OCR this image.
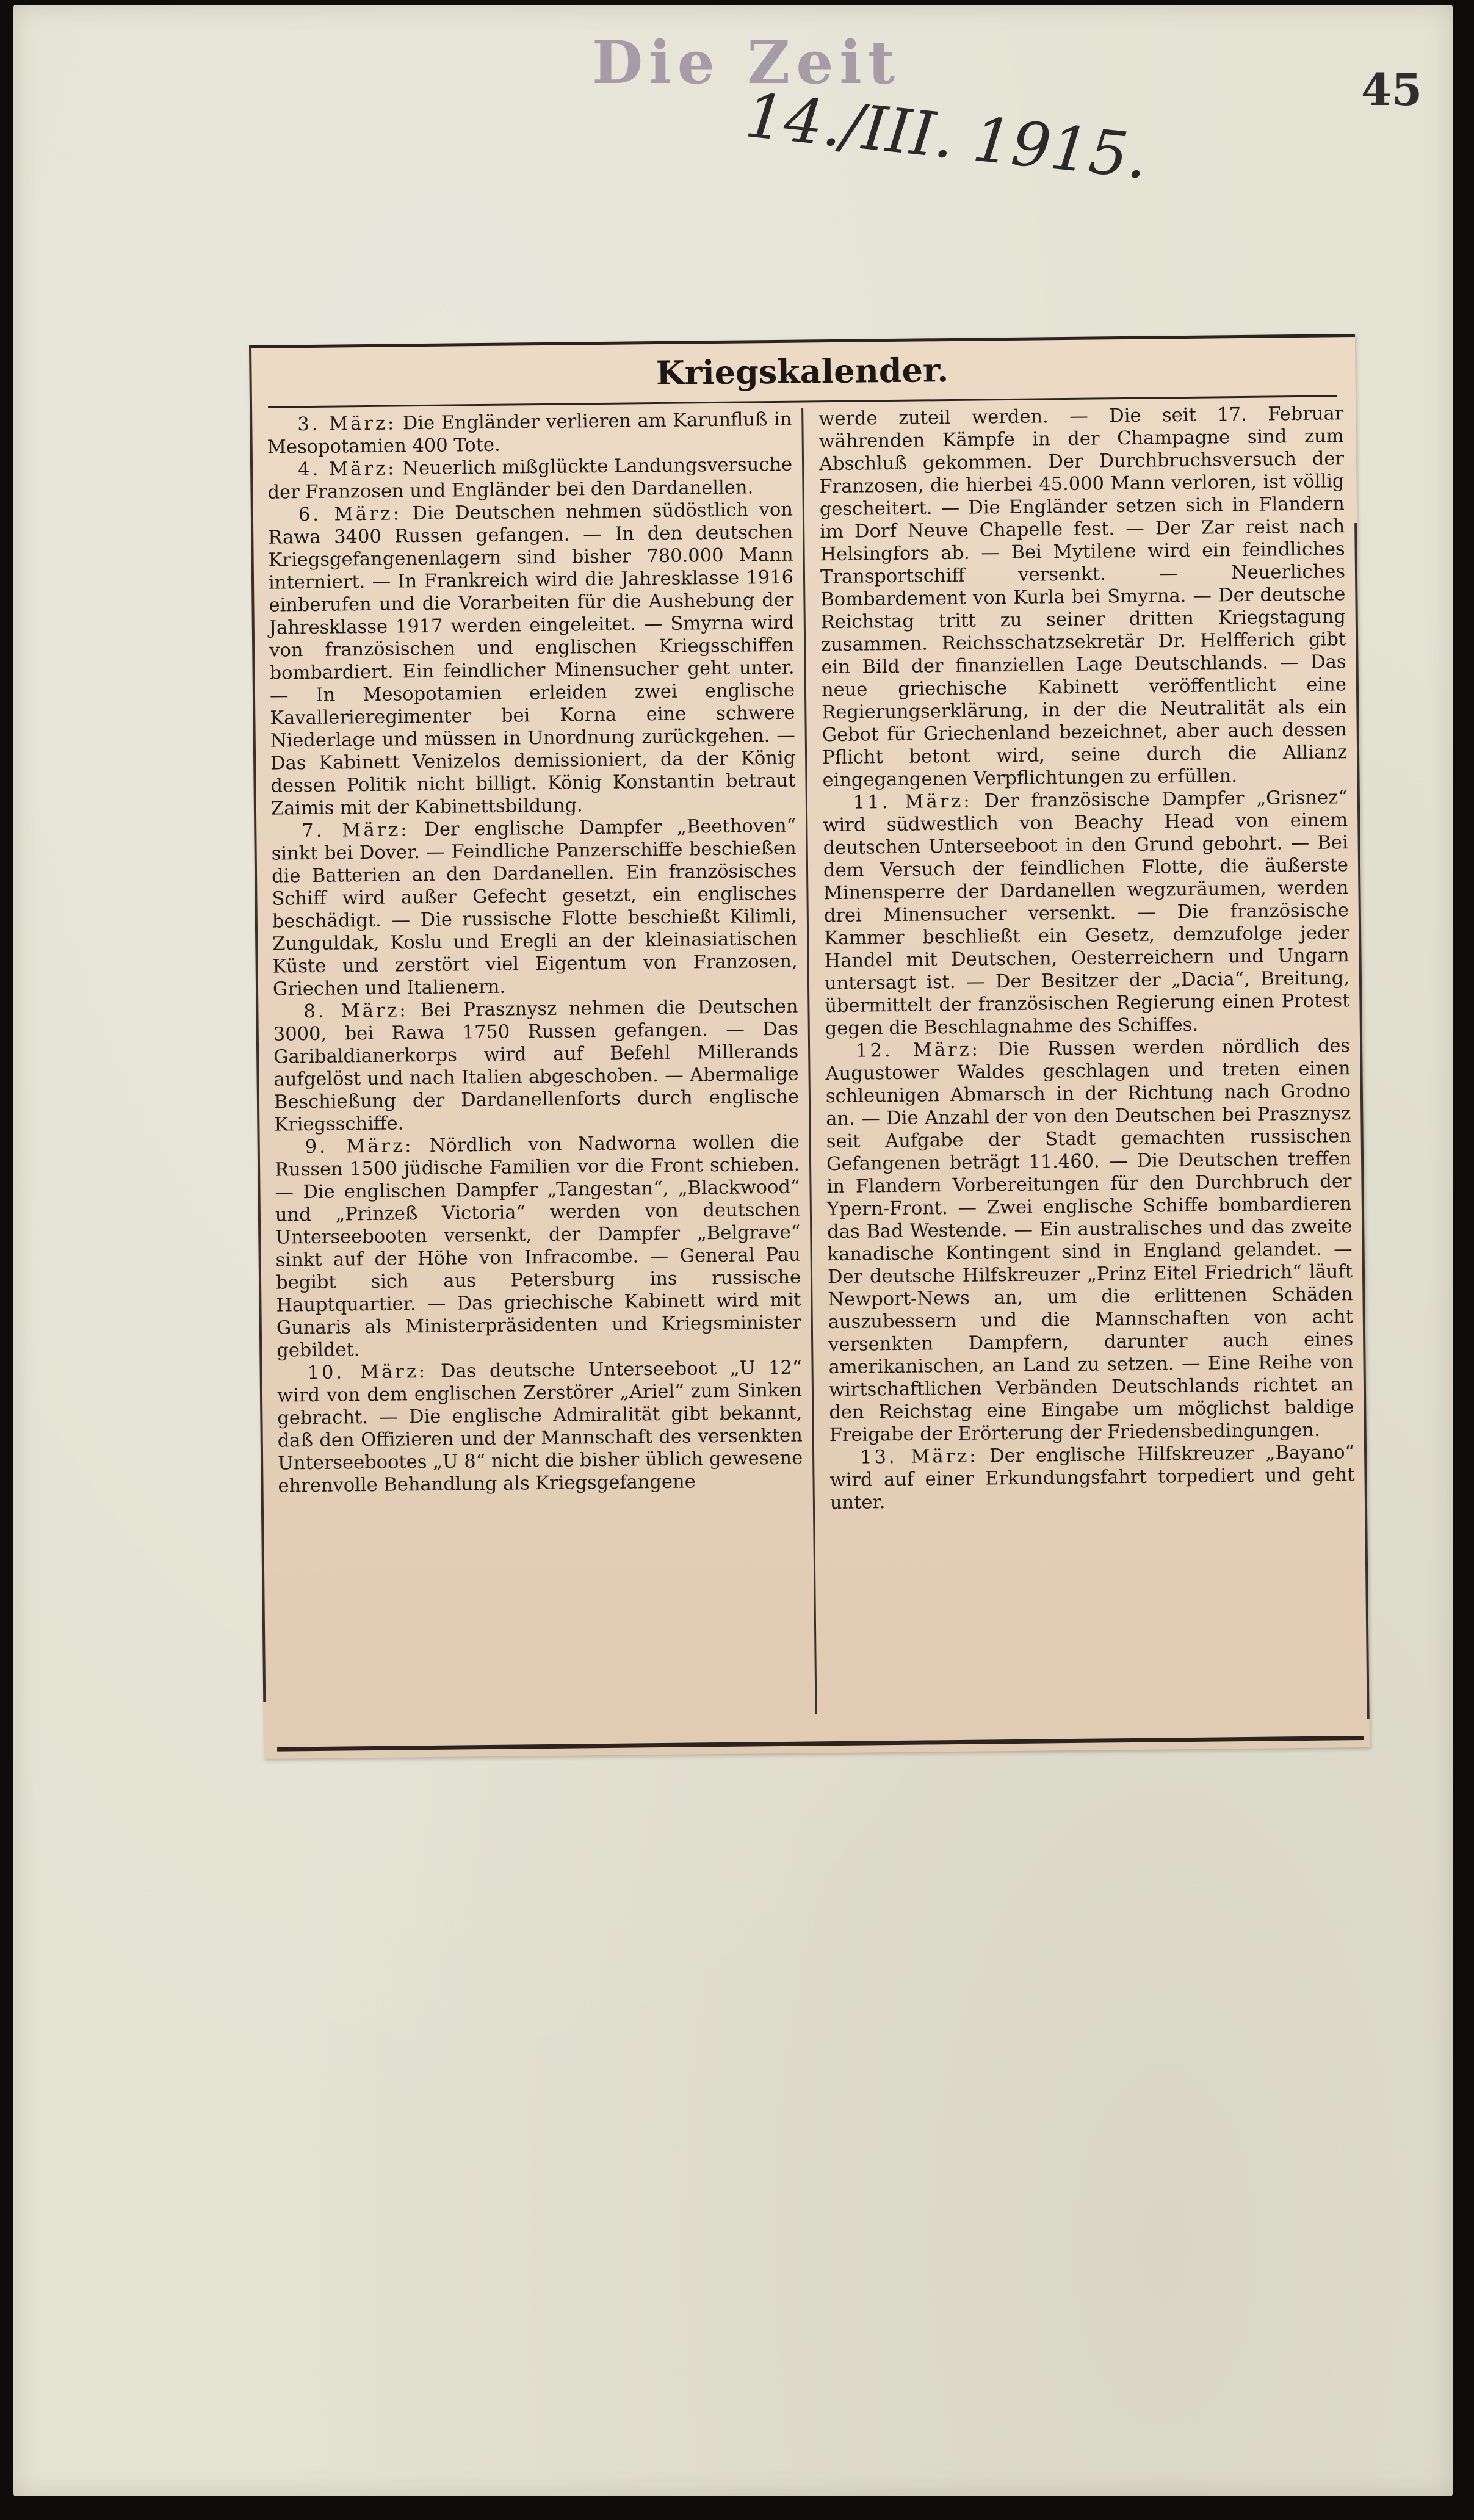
Die Zeit
14./III. 1915.	45
Kriegskalender.

3. März: Die Engländer verlieren am Karunfluß in Mesopotamien 400 Tote.

4. März: Neuerlich mißglückte Landungsversuche der Franzosen und Engländer bei den Dardanellen.

6. März: Die Deutschen nehmen südöstlich von Rawa 3400 Russen gefangen. — In den deutschen Kriegsgefangenenlagern sind bisher 780.000 Mann interniert. — In Frankreich wird die Jahresklasse 1916 einberufen und die Vorarbeiten für die Aushebung der Jahresklasse 1917 werden eingeleitet. — Smyrna wird von französischen und englischen Kriegsschiffen bombardiert. Ein feindlicher Minensucher geht unter. — In Mesopotamien erleiden zwei englische Kavallerieregimenter bei Korna eine schwere Niederlage und müssen in Unordnung zurückgehen. — Das Kabinett Venizelos demissioniert, da der König dessen Politik nicht billigt. König Konstantin betraut Zaimis mit der Kabinettsbildung.

7. März: Der englische Dampfer „Beethoven“ sinkt bei Dover. — Feindliche Panzerschiffe beschießen die Batterien an den Dardanellen. Ein französisches Schiff wird außer Gefecht gesetzt, ein englisches beschädigt. — Die russische Flotte beschießt Kilimli, Zunguldak, Koslu und Eregli an der kleinasiatischen Küste und zerstört viel Eigentum von Franzosen, Griechen und Italienern.

8. März: Bei Prasznysz nehmen die Deutschen 3000, bei Rawa 1750 Russen gefangen. — Das Garibaldianerkorps wird auf Befehl Millerands aufgelöst und nach Italien abgeschoben. — Abermalige Beschießung der Dardanellenforts durch englische Kriegsschiffe.

9. März: Nördlich von Nadworna wollen die Russen 1500 jüdische Familien vor die Front schieben. — Die englischen Dampfer „Tangestan“, „Blackwood“ und „Prinzeß Victoria“ werden von deutschen Unterseebooten versenkt, der Dampfer „Belgrave“ sinkt auf der Höhe von Infracombe. — General Pau begibt sich aus Petersburg ins russische Hauptquartier. — Das griechische Kabinett wird mit Gunaris als Ministerpräsidenten und Kriegsminister gebildet.

10. März: Das deutsche Unterseeboot „U 12“ wird von dem englischen Zerstörer „Ariel“ zum Sinken gebracht. — Die englische Admiralität gibt bekannt, daß den Offizieren und der Mannschaft des versenkten Unterseebootes „U 8“ nicht die bisher üblich gewesene ehrenvolle Behandlung als Kriegsgefangene

werde zuteil werden. — Die seit 17. Februar währenden Kämpfe in der Champagne sind zum Abschluß gekommen. Der Durchbruchsversuch der Franzosen, die hierbei 45.000 Mann verloren, ist völlig gescheitert. — Die Engländer setzen sich in Flandern im Dorf Neuve Chapelle fest. — Der Zar reist nach Helsingfors ab. — Bei Mytilene wird ein feindliches Transportschiff versenkt. — Neuerliches Bombardement von Kurla bei Smyrna. — Der deutsche Reichstag tritt zu seiner dritten Kriegstagung zusammen. Reichsschatzsekretär Dr. Helfferich gibt ein Bild der finanziellen Lage Deutschlands. — Das neue griechische Kabinett veröffentlicht eine Regierungserklärung, in der die Neutralität als ein Gebot für Griechenland bezeichnet, aber auch dessen Pflicht betont wird, seine durch die Allianz eingegangenen Verpflichtungen zu erfüllen.

11. März: Der französische Dampfer „Grisnez“ wird südwestlich von Beachy Head von einem deutschen Unterseeboot in den Grund gebohrt. — Bei dem Versuch der feindlichen Flotte, die äußerste Minensperre der Dardanellen wegzuräumen, werden drei Minensucher versenkt. — Die französische Kammer beschließt ein Gesetz, demzufolge jeder Handel mit Deutschen, Oesterreichern und Ungarn untersagt ist. — Der Besitzer der „Dacia“, Breitung, übermittelt der französischen Regierung einen Protest gegen die Beschlagnahme des Schiffes.

12. März: Die Russen werden nördlich des Augustower Waldes geschlagen und treten einen schleunigen Abmarsch in der Richtung nach Grodno an. — Die Anzahl der von den Deutschen bei Prasznysz seit Aufgabe der Stadt gemachten russischen Gefangenen beträgt 11.460. — Die Deutschen treffen in Flandern Vorbereitungen für den Durchbruch der Ypern-Front. — Zwei englische Schiffe bombardieren das Bad Westende. — Ein australisches und das zweite kanadische Kontingent sind in England gelandet. — Der deutsche Hilfskreuzer „Prinz Eitel Friedrich“ läuft Newport-News an, um die erlittenen Schäden auszubessern und die Mannschaften von acht versenkten Dampfern, darunter auch eines amerikanischen, an Land zu setzen. — Eine Reihe von wirtschaftlichen Verbänden Deutschlands richtet an den Reichstag eine Eingabe um möglichst baldige Freigabe der Erörterung der Friedensbedingungen.

13. März: Der englische Hilfskreuzer „Bayano“ wird auf einer Erkundungsfahrt torpediert und geht unter.
